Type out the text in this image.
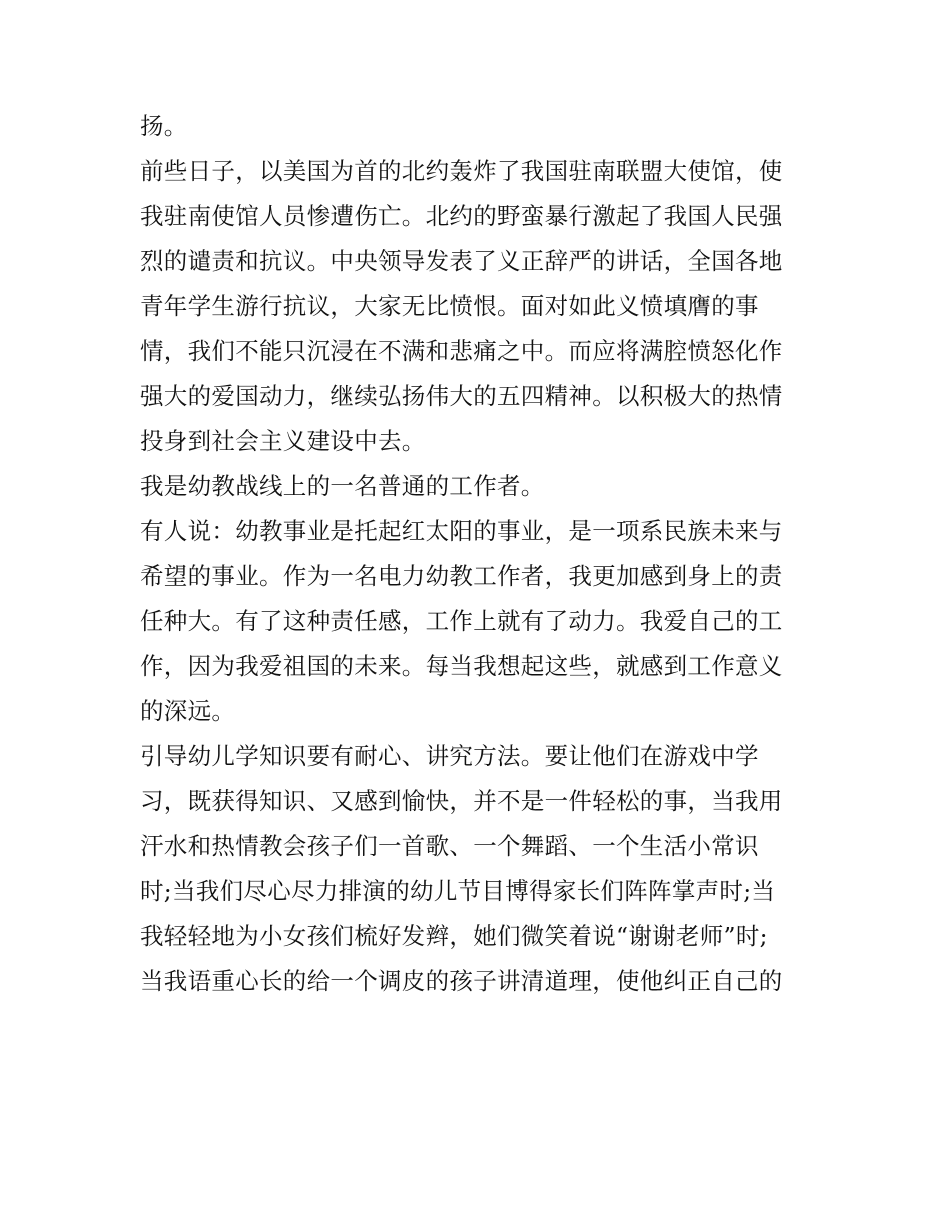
扬。
前些日子，以美国为首的北约轰炸了我国驻南联盟大使馆，使
我驻南使馆人员惨遭伤亡。北约的野蛮暴行激起了我国人民强
烈的谴责和抗议。中央领导发表了义正辞严的讲话，全国各地
青年学生游行抗议，大家无比愤恨。面对如此义愤填膺的事
情，我们不能只沉浸在不满和悲痛之中。而应将满腔愤怒化作
强大的爱国动力，继续弘扬伟大的五四精神。以积极大的热情
投身到社会主义建设中去。
我是幼教战线上的一名普通的工作者。
有人说：幼教事业是托起红太阳的事业，是一项系民族未来与
希望的事业。作为一名电力幼教工作者，我更加感到身上的责
任种大。有了这种责任感，工作上就有了动力。我爱自己的工
作，因为我爱祖国的未来。每当我想起这些，就感到工作意义
的深远。
引导幼儿学知识要有耐心、讲究方法。要让他们在游戏中学
习，既获得知识、又感到愉快，并不是一件轻松的事，当我用
汗水和热情教会孩子们一首歌、一个舞蹈、一个生活小常识
时;当我们尽心尽力排演的幼儿节目博得家长们阵阵掌声时;当
我轻轻地为小女孩们梳好发辫，她们微笑着说“谢谢老师”时;
当我语重心长的给一个调皮的孩子讲清道理，使他纠正自己的
